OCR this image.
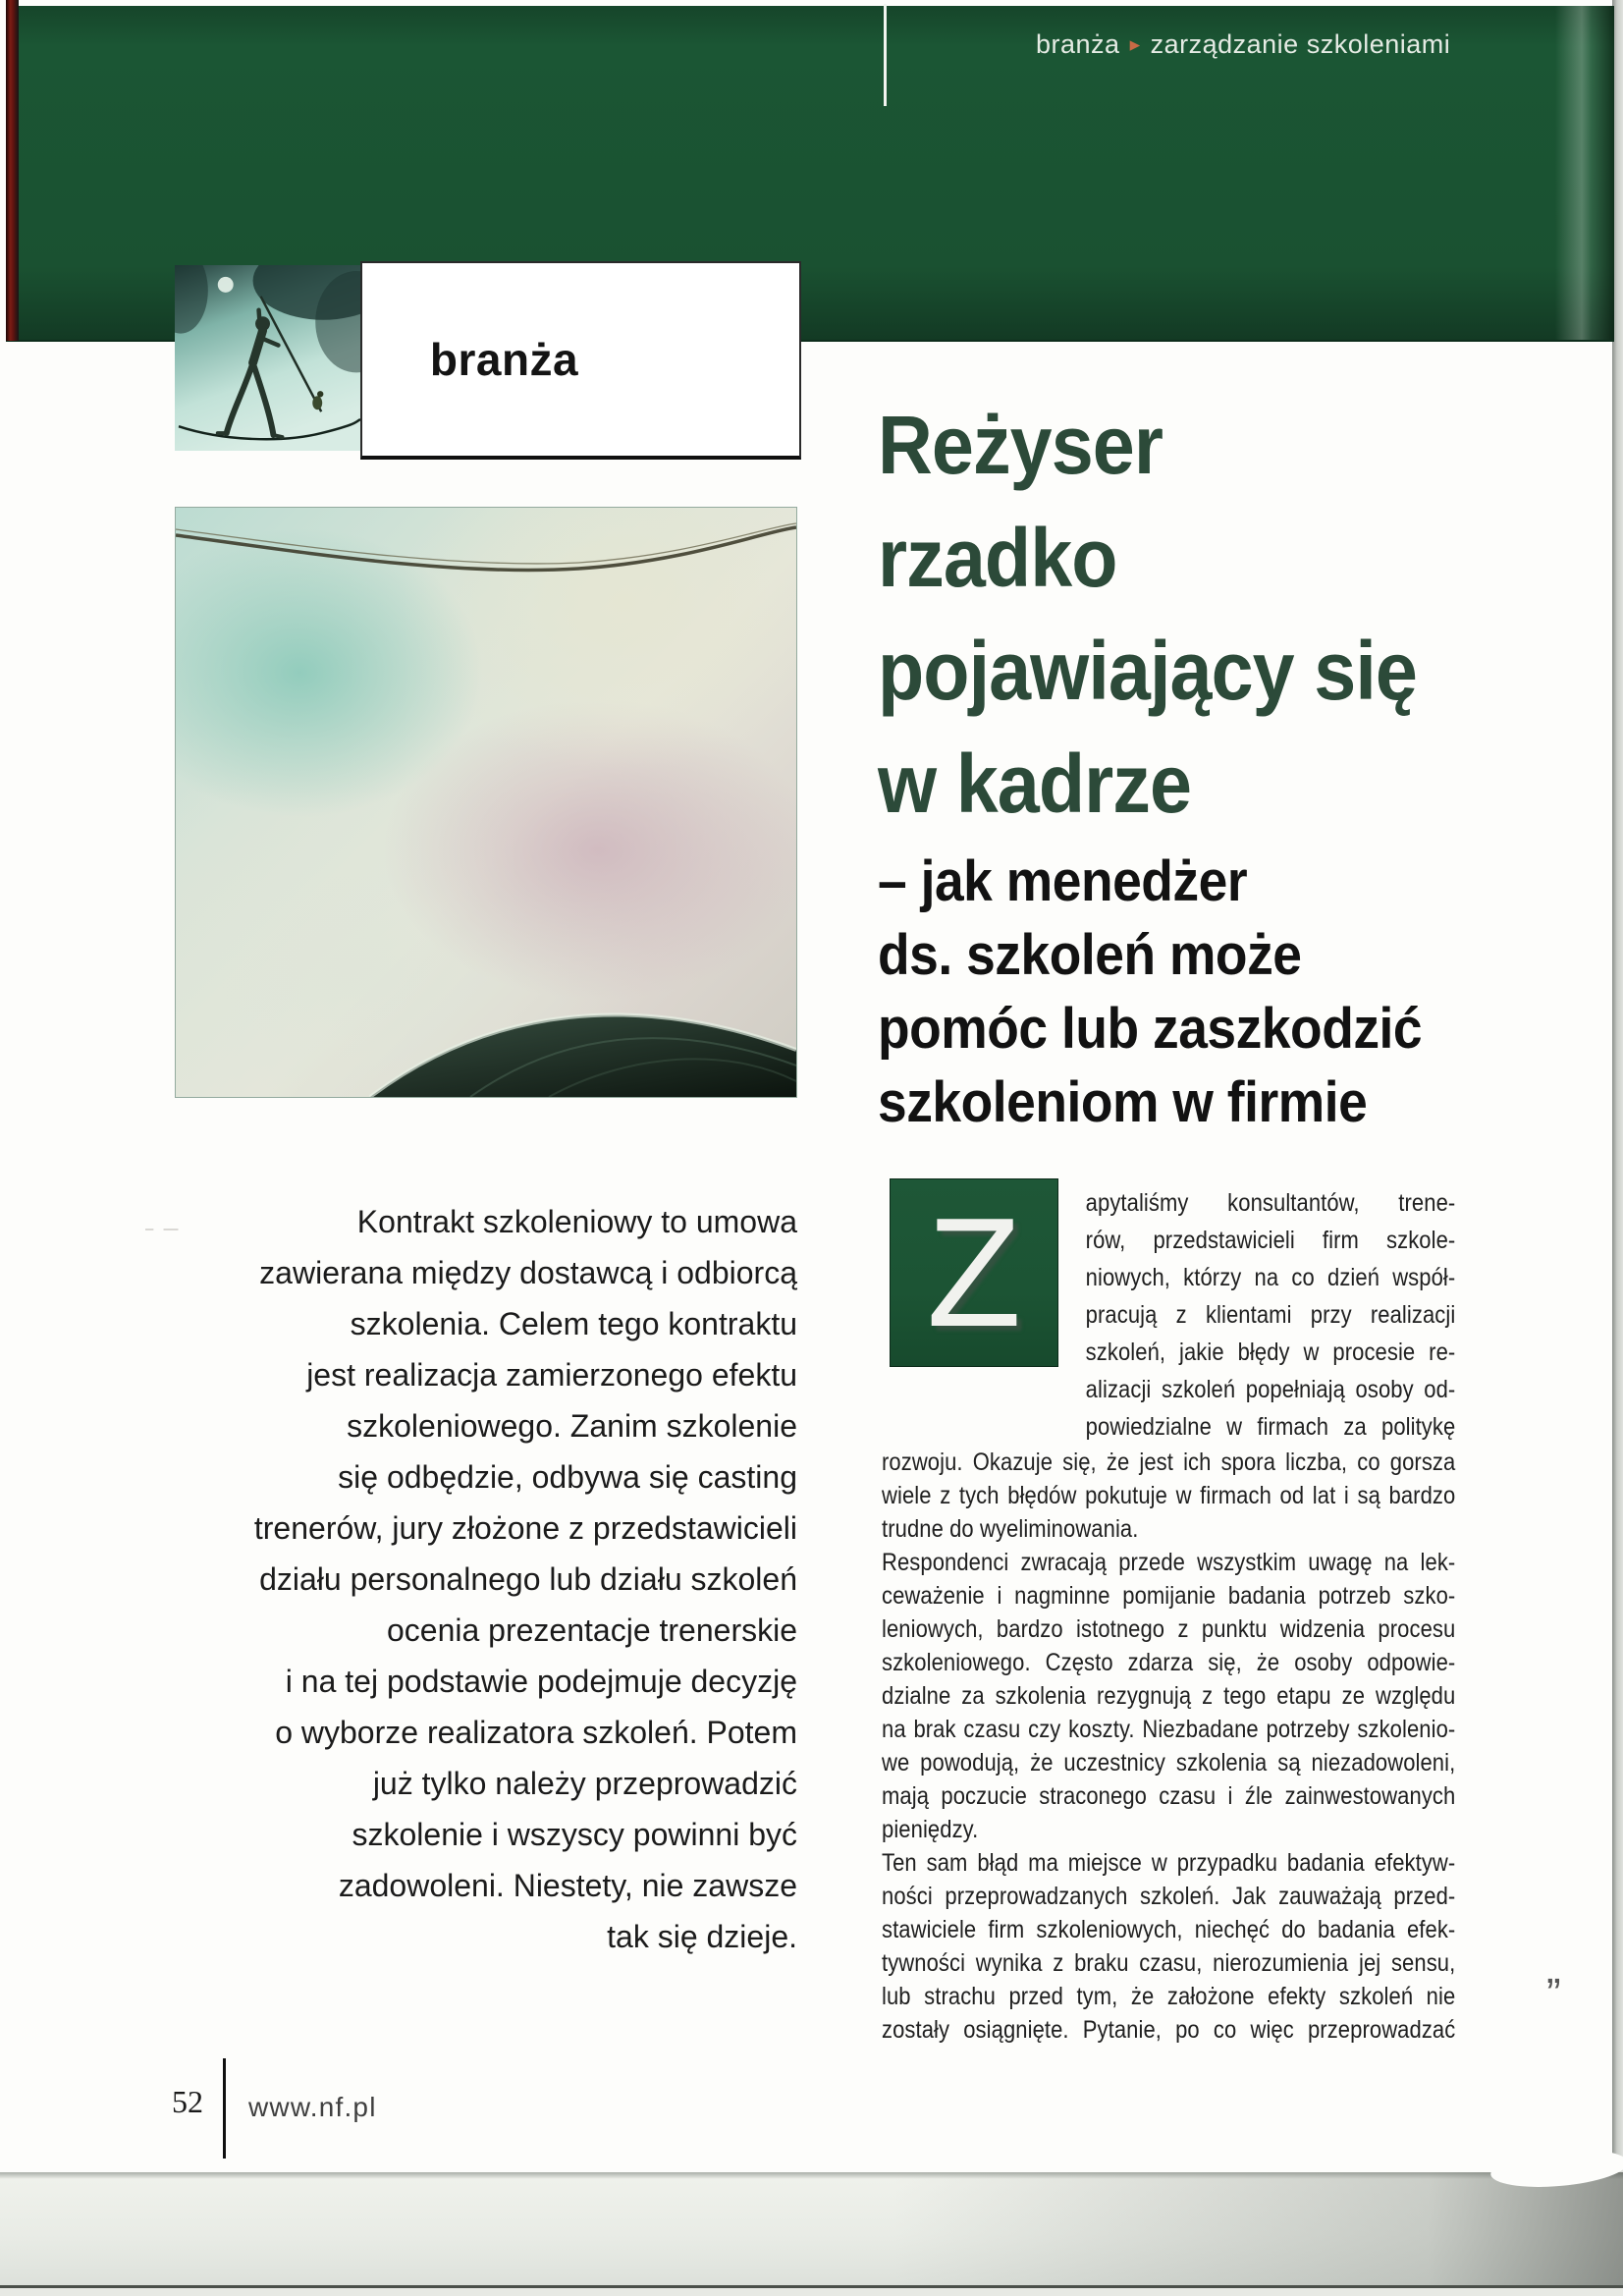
branża ▸ zarządzanie szkoleniami
branża
Reżyser
rzadko
pojawiający się
w kadrze
– jak menedżer
ds. szkoleń może
pomóc lub zaszkodzić
szkoleniom w firmie
Kontrakt szkoleniowy to umowa
zawierana między dostawcą i odbiorcą
szkolenia. Celem tego kontraktu
jest realizacja zamierzonego efektu
szkoleniowego. Zanim szkolenie
się odbędzie, odbywa się casting
trenerów, jury złożone z przedstawicieli
działu personalnego lub działu szkoleń
ocenia prezentacje trenerskie
i na tej podstawie podejmuje decyzję
o wyborze realizatora szkoleń. Potem
już tylko należy przeprowadzić
szkolenie i wszyscy powinni być
zadowoleni. Niestety, nie zawsze
tak się dzieje.
Z	apytaliśmy konsultantów, trene-
rów, przedstawicieli firm szkole-
niowych, którzy na co dzień współ-
pracują z klientami przy realizacji
szkoleń, jakie błędy w procesie re-
alizacji szkoleń popełniają osoby od-
powiedzialne w firmach za politykę
rozwoju. Okazuje się, że jest ich spora liczba, co gorsza
wiele z tych błędów pokutuje w firmach od lat i są bardzo
trudne do wyeliminowania.
Respondenci zwracają przede wszystkim uwagę na lek-
ceważenie i nagminne pomijanie badania potrzeb szko-
leniowych, bardzo istotnego z punktu widzenia procesu
szkoleniowego. Często zdarza się, że osoby odpowie-
dzialne za szkolenia rezygnują z tego etapu ze względu
na brak czasu czy koszty. Niezbadane potrzeby szkolenio-
we powodują, że uczestnicy szkolenia są niezadowoleni,
mają poczucie straconego czasu i źle zainwestowanych
pieniędzy.
Ten sam błąd ma miejsce w przypadku badania efektyw-
ności przeprowadzanych szkoleń. Jak zauważają przed-
stawiciele firm szkoleniowych, niechęć do badania efek-
tywności wynika z braku czasu, nierozumienia jej sensu,
lub strachu przed tym, że założone efekty szkoleń nie
zostały osiągnięte. Pytanie, po co więc przeprowadzać
52	www.nf.pl
– —
”
